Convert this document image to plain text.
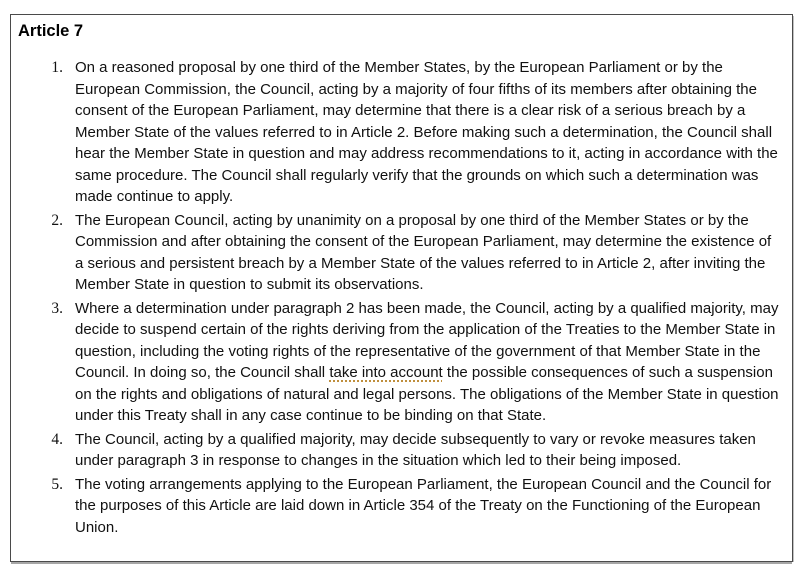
Article 7
1. On a reasoned proposal by one third of the Member States, by the European Parliament or by the European Commission, the Council, acting by a majority of four fifths of its members after obtaining the consent of the European Parliament, may determine that there is a clear risk of a serious breach by a Member State of the values referred to in Article 2. Before making such a determination, the Council shall hear the Member State in question and may address recommendations to it, acting in accordance with the same procedure. The Council shall regularly verify that the grounds on which such a determination was made continue to apply.
2. The European Council, acting by unanimity on a proposal by one third of the Member States or by the Commission and after obtaining the consent of the European Parliament, may determine the existence of a serious and persistent breach by a Member State of the values referred to in Article 2, after inviting the Member State in question to submit its observations.
3. Where a determination under paragraph 2 has been made, the Council, acting by a qualified majority, may decide to suspend certain of the rights deriving from the application of the Treaties to the Member State in question, including the voting rights of the representative of the government of that Member State in the Council. In doing so, the Council shall take into account the possible consequences of such a suspension on the rights and obligations of natural and legal persons. The obligations of the Member State in question under this Treaty shall in any case continue to be binding on that State.
4. The Council, acting by a qualified majority, may decide subsequently to vary or revoke measures taken under paragraph 3 in response to changes in the situation which led to their being imposed.
5. The voting arrangements applying to the European Parliament, the European Council and the Council for the purposes of this Article are laid down in Article 354 of the Treaty on the Functioning of the European Union.
